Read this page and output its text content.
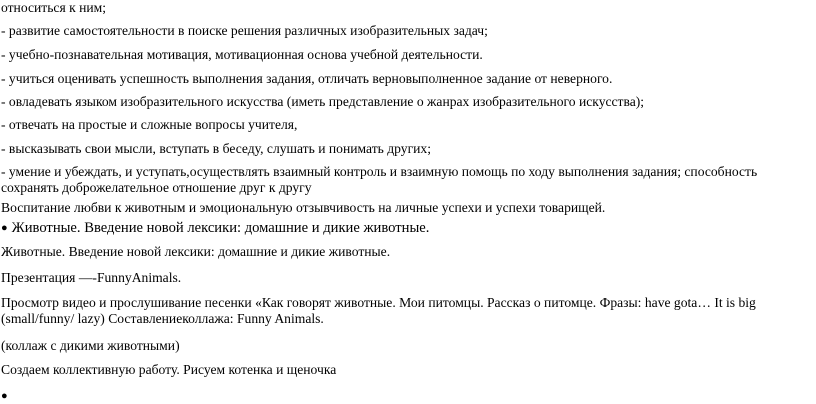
относиться к ним;

- развитие самостоятельности в поиске решения различных изобразительных задач;

- учебно-познавательная мотивация, мотивационная основа учебной деятельности.

- учиться оценивать успешность выполнения задания, отличать верновыполненное задание от неверного.

- овладевать языком изобразительного искусства (иметь представление о жанрах изобразительного искусства);

- отвечать на простые и сложные вопросы учителя,

- высказывать свои мысли, вступать в беседу, слушать и понимать других;

- умение и убеждать, и уступать,осуществлять взаимный контроль и взаимную помощь по ходу выполнения задания; способность сохранять доброжелательное отношение друг к другу

Воспитание любви к животным и эмоциональную отзывчивость на личные успехи и успехи товарищей.

● Животные. Введение новой лексики: домашние и дикие животные.

Животные. Введение новой лексики: домашние и дикие животные.

Презентация —-FunnyAnimals.

Просмотр видео и прослушивание песенки «Как говорят животные. Мои питомцы. Рассказ о питомце. Фразы: have gota… It is big (small/funny/ lazy) Составлениеколлажа: Funny Animals.

(коллаж с дикими животными)

Создаем коллективную работу. Рисуем котенка и щеночка

●
